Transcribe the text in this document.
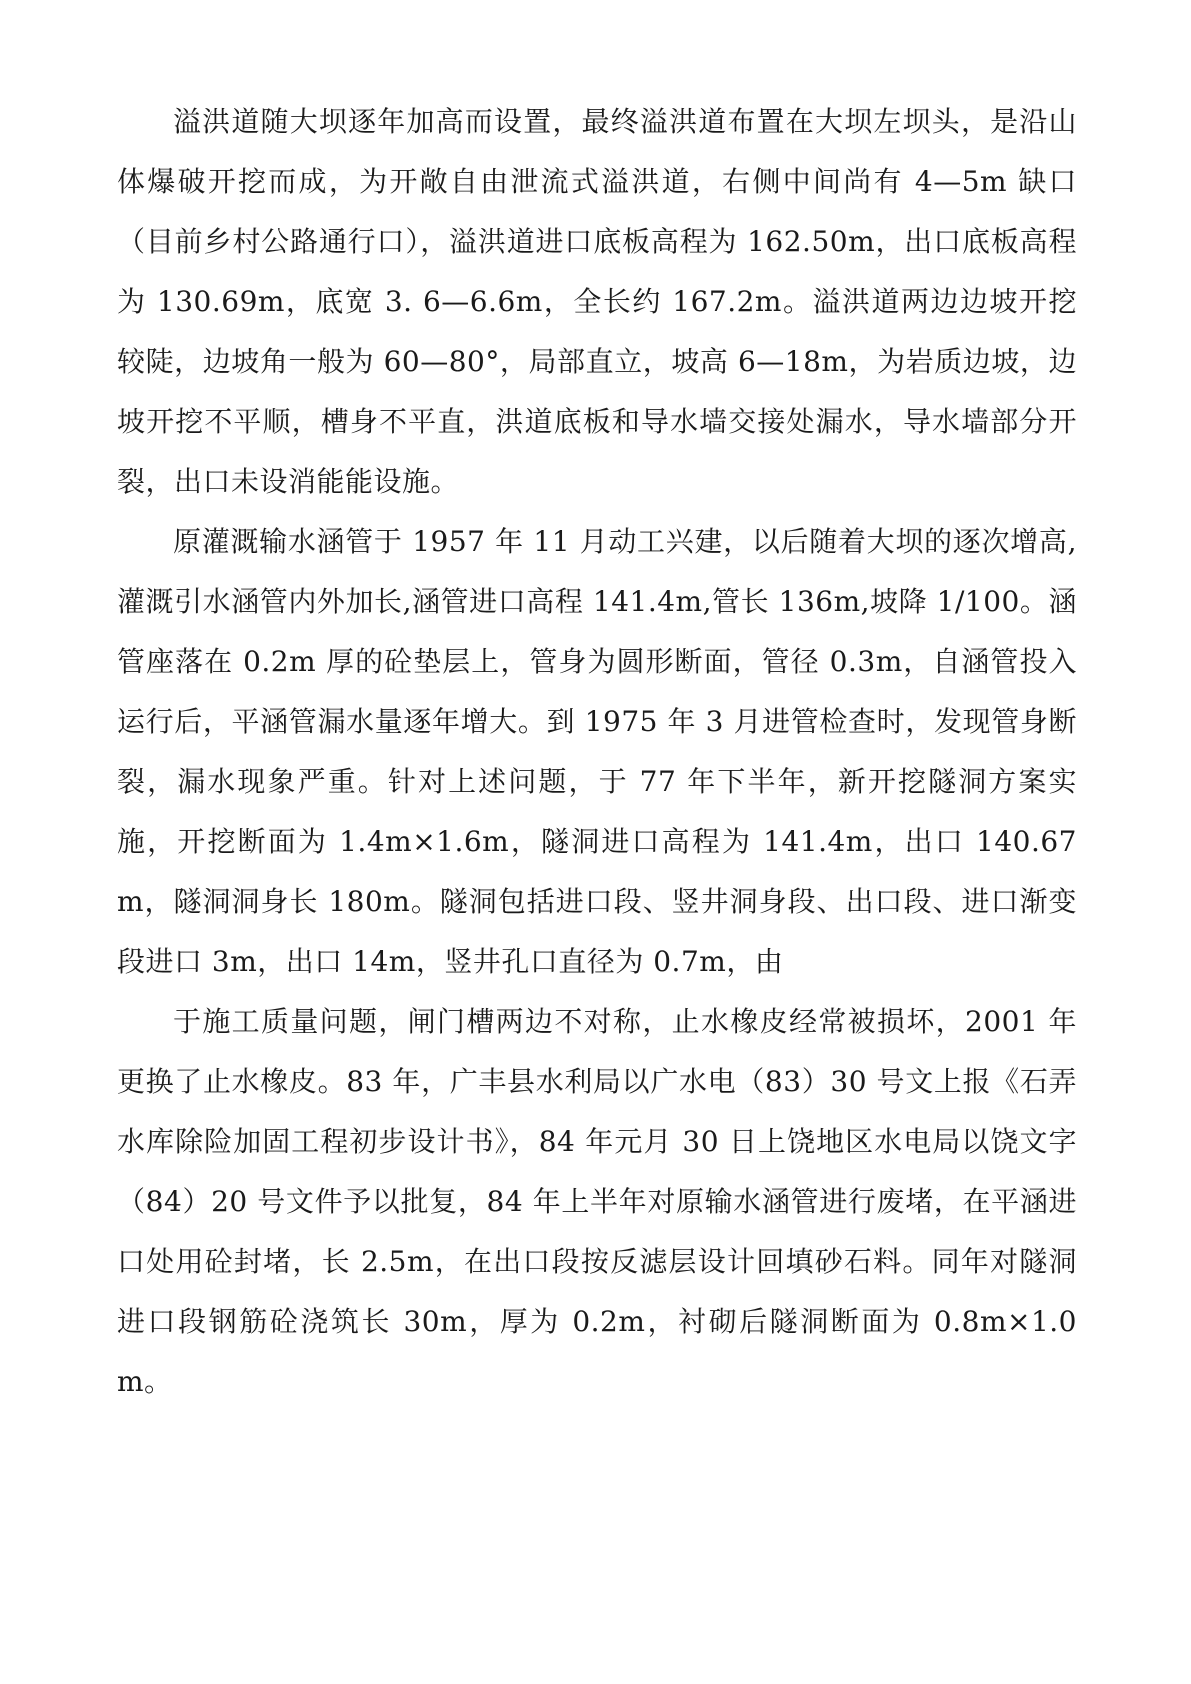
溢洪道随大坝逐年加高而设置，最终溢洪道布置在大坝左坝头，是沿山体爆破开挖而成，为开敞自由泄流式溢洪道，右侧中间尚有 4—5m 缺口（目前乡村公路通行口），溢洪道进口底板高程为 162.50m，出口底板高程为 130.69m，底宽 3. 6—6.6m，全长约 167.2m。溢洪道两边边坡开挖较陡，边坡角一般为 60—80°，局部直立，坡高 6—18m，为岩质边坡，边坡开挖不平顺，槽身不平直，洪道底板和导水墙交接处漏水，导水墙部分开裂，出口未设消能能设施。

原灌溉输水涵管于 1957 年 11 月动工兴建，以后随着大坝的逐次增高,灌溉引水涵管内外加长,涵管进口高程 141.4m,管长 136m,坡降 1/100。涵管座落在 0.2m 厚的砼垫层上，管身为圆形断面，管径 0.3m，自涵管投入运行后，平涵管漏水量逐年增大。到 1975 年 3 月进管检查时，发现管身断裂，漏水现象严重。针对上述问题，于 77 年下半年，新开挖隧洞方案实施，开挖断面为 1.4m×1.6m，隧洞进口高程为 141.4m，出口 140.67m，隧洞洞身长 180m。隧洞包括进口段、竖井洞身段、出口段、进口渐变段进口 3m，出口 14m，竖井孔口直径为 0.7m，由

于施工质量问题，闸门槽两边不对称，止水橡皮经常被损坏，2001 年更换了止水橡皮。83 年，广丰县水利局以广水电（83）30 号文上报《石弄水库除险加固工程初步设计书》，84 年元月 30 日上饶地区水电局以饶文字（84）20 号文件予以批复，84 年上半年对原输水涵管进行废堵，在平涵进口处用砼封堵，长 2.5m，在出口段按反滤层设计回填砂石料。同年对隧洞进口段钢筋砼浇筑长 30m，厚为 0.2m，衬砌后隧洞断面为 0.8m×1.0m。
